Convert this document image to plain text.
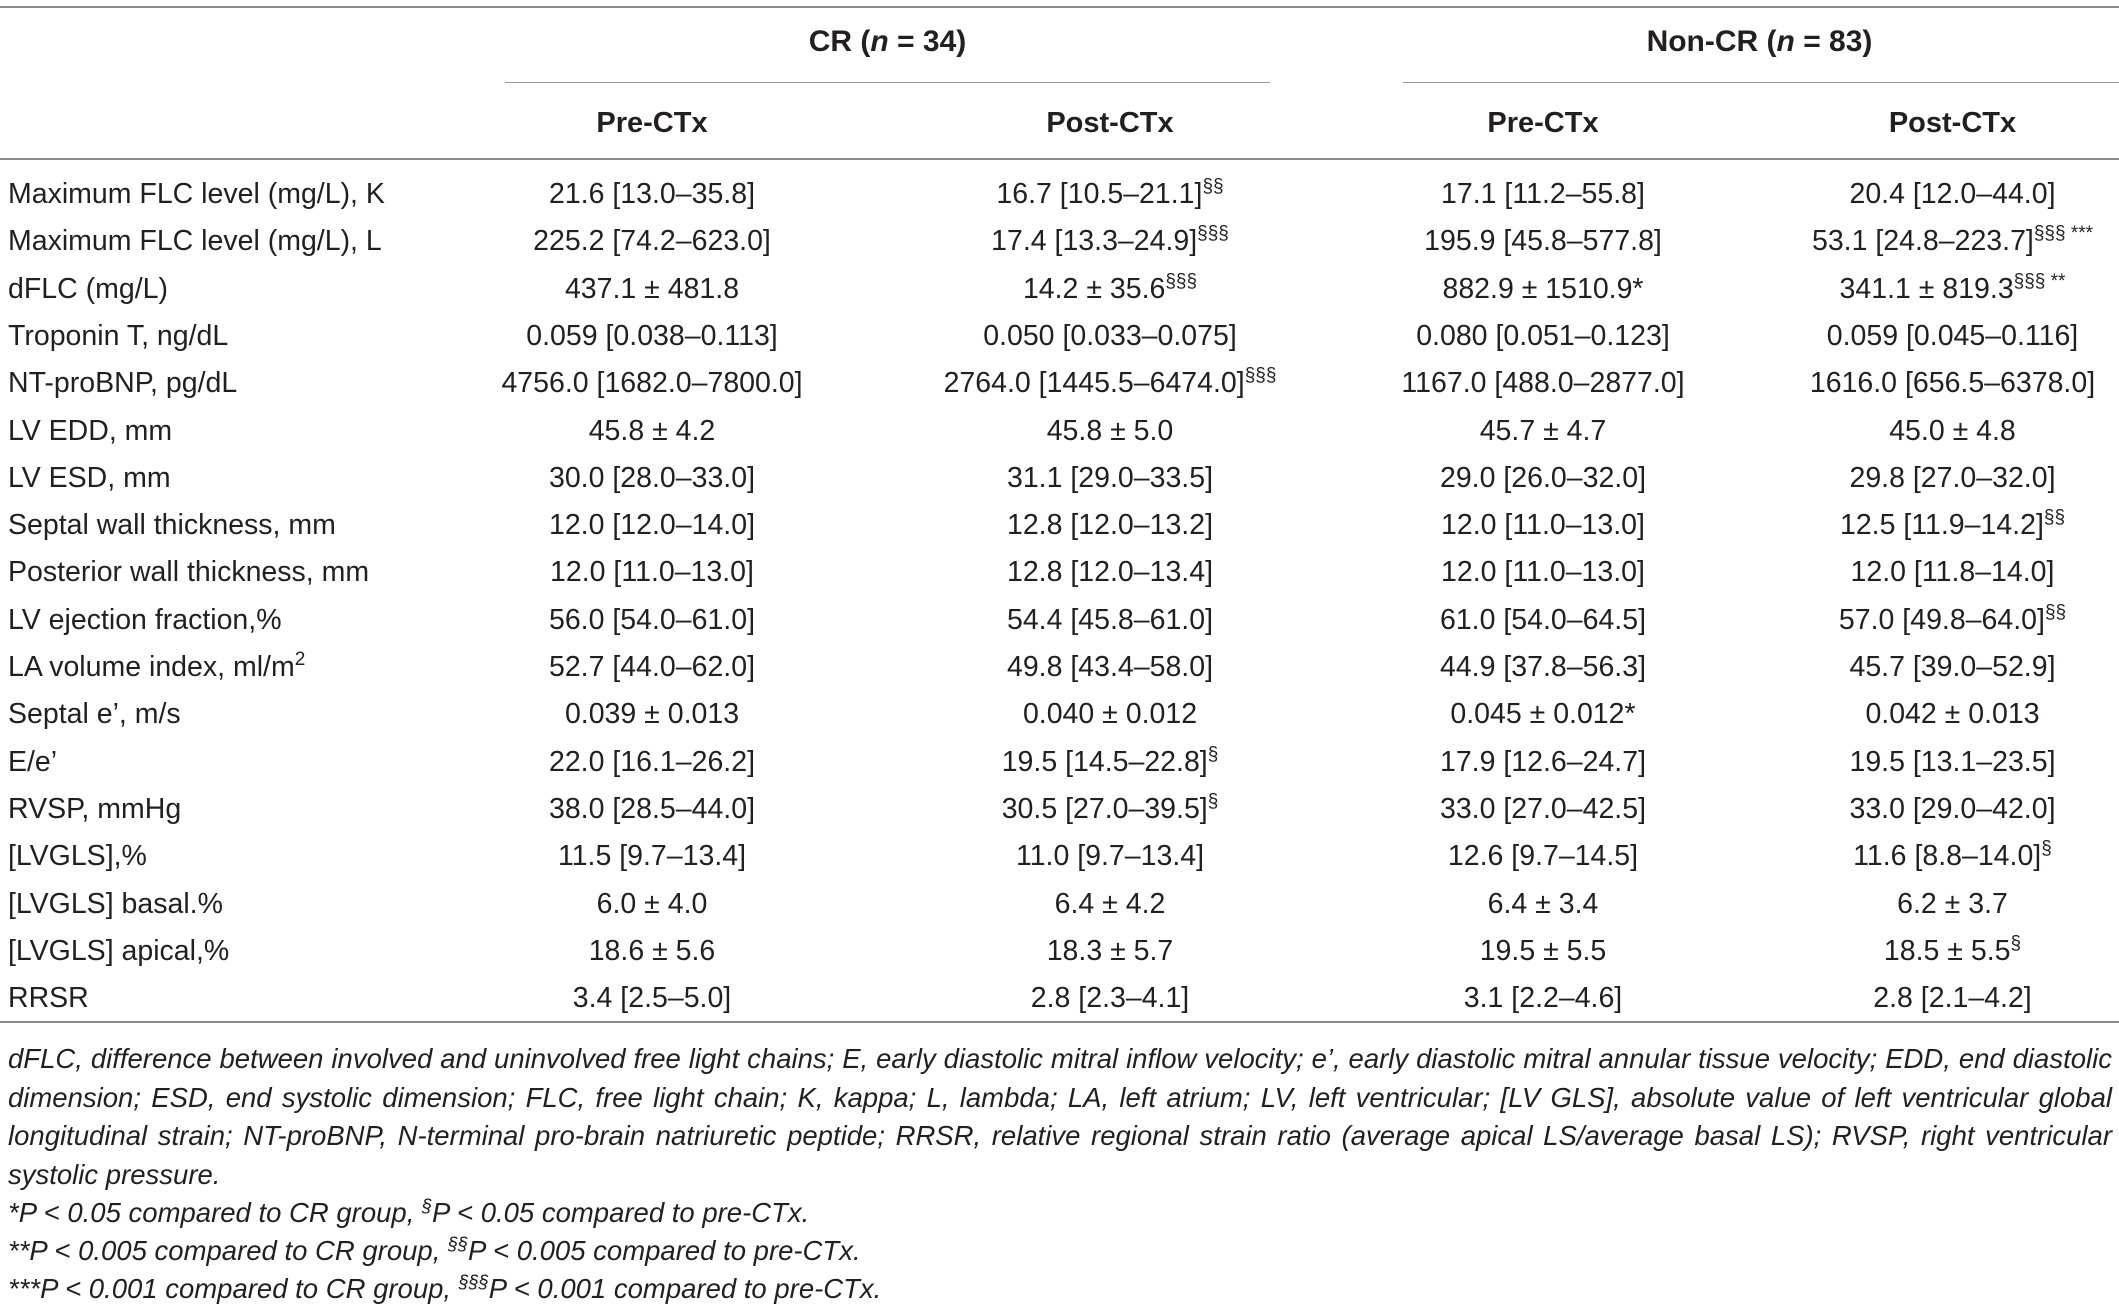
CR (n = 34)	Non-CR (n = 83)
Pre-CTx	Post-CTx	Pre-CTx	Post-CTx
Maximum FLC level (mg/L), K	21.6 [13.0–35.8]	16.7 [10.5–21.1]§§	17.1 [11.2–55.8]	20.4 [12.0–44.0]
Maximum FLC level (mg/L), L	225.2 [74.2–623.0]	17.4 [13.3–24.9]§§§	195.9 [45.8–577.8]	53.1 [24.8–223.7]§§§ ***
dFLC (mg/L)	437.1 ± 481.8	14.2 ± 35.6§§§	882.9 ± 1510.9*	341.1 ± 819.3§§§ **
Troponin T, ng/dL	0.059 [0.038–0.113]	0.050 [0.033–0.075]	0.080 [0.051–0.123]	0.059 [0.045–0.116]
NT-proBNP, pg/dL	4756.0 [1682.0–7800.0]	2764.0 [1445.5–6474.0]§§§	1167.0 [488.0–2877.0]	1616.0 [656.5–6378.0]
LV EDD, mm	45.8 ± 4.2	45.8 ± 5.0	45.7 ± 4.7	45.0 ± 4.8
LV ESD, mm	30.0 [28.0–33.0]	31.1 [29.0–33.5]	29.0 [26.0–32.0]	29.8 [27.0–32.0]
Septal wall thickness, mm	12.0 [12.0–14.0]	12.8 [12.0–13.2]	12.0 [11.0–13.0]	12.5 [11.9–14.2]§§
Posterior wall thickness, mm	12.0 [11.0–13.0]	12.8 [12.0–13.4]	12.0 [11.0–13.0]	12.0 [11.8–14.0]
LV ejection fraction,%	56.0 [54.0–61.0]	54.4 [45.8–61.0]	61.0 [54.0–64.5]	57.0 [49.8–64.0]§§
LA volume index, $ml/m^2$	52.7 [44.0–62.0]	49.8 [43.4–58.0]	44.9 [37.8–56.3]	45.7 [39.0–52.9]
Septal e’, m/s	0.039 ± 0.013	0.040 ± 0.012	0.045 ± 0.012*	0.042 ± 0.013
E/e’	22.0 [16.1–26.2]	19.5 [14.5–22.8]§	17.9 [12.6–24.7]	19.5 [13.1–23.5]
RVSP, mmHg	38.0 [28.5–44.0]	30.5 [27.0–39.5]§	33.0 [27.0–42.5]	33.0 [29.0–42.0]
[LVGLS],%	11.5 [9.7–13.4]	11.0 [9.7–13.4]	12.6 [9.7–14.5]	11.6 [8.8–14.0]§
[LVGLS] basal.%	6.0 ± 4.0	6.4 ± 4.2	6.4 ± 3.4	6.2 ± 3.7
[LVGLS] apical,%	18.6 ± 5.6	18.3 ± 5.7	19.5 ± 5.5	18.5 ± 5.5§
RRSR	3.4 [2.5–5.0]	2.8 [2.3–4.1]	3.1 [2.2–4.6]	2.8 [2.1–4.2]
dFLC, difference between involved and uninvolved free light chains; E, early diastolic mitral inflow velocity; e’, early diastolic mitral annular tissue velocity; EDD, end diastolic dimension; ESD, end systolic dimension; FLC, free light chain; K, kappa; L, lambda; LA, left atrium; LV, left ventricular; [LV GLS], absolute value of left ventricular global longitudinal strain; NT-proBNP, N-terminal pro-brain natriuretic peptide; RRSR, relative regional strain ratio (average apical LS/average basal LS); RVSP, right ventricular systolic pressure.
*P < 0.05 compared to CR group, §P < 0.05 compared to pre-CTx.
**P < 0.005 compared to CR group, §§P < 0.005 compared to pre-CTx.
***P < 0.001 compared to CR group, §§§P < 0.001 compared to pre-CTx.
